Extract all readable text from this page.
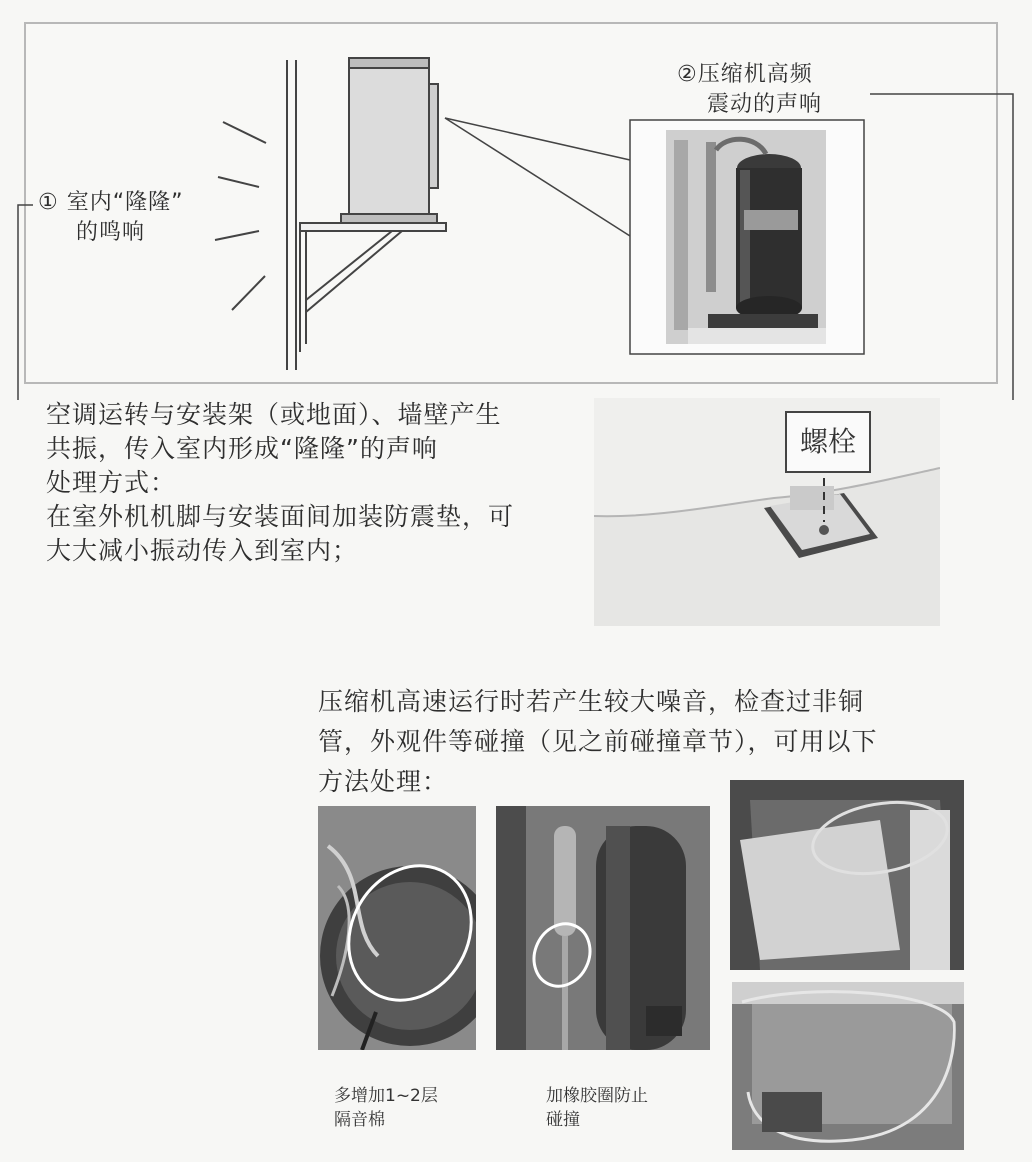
① 室内“隆隆”
的鸣响
②压缩机高频
震动的声响
空调运转与安装架（或地面）、墙壁产生
共振，传入室内形成“隆隆”的声响
处理方式：
在室外机机脚与安装面间加装防震垫，可
大大减小振动传入到室内；
螺栓
压缩机高速运行时若产生较大噪音，检查过非铜
管，外观件等碰撞（见之前碰撞章节），可用以下
方法处理：
多增加1~2层
隔音棉
加橡胶圈防止
碰撞
